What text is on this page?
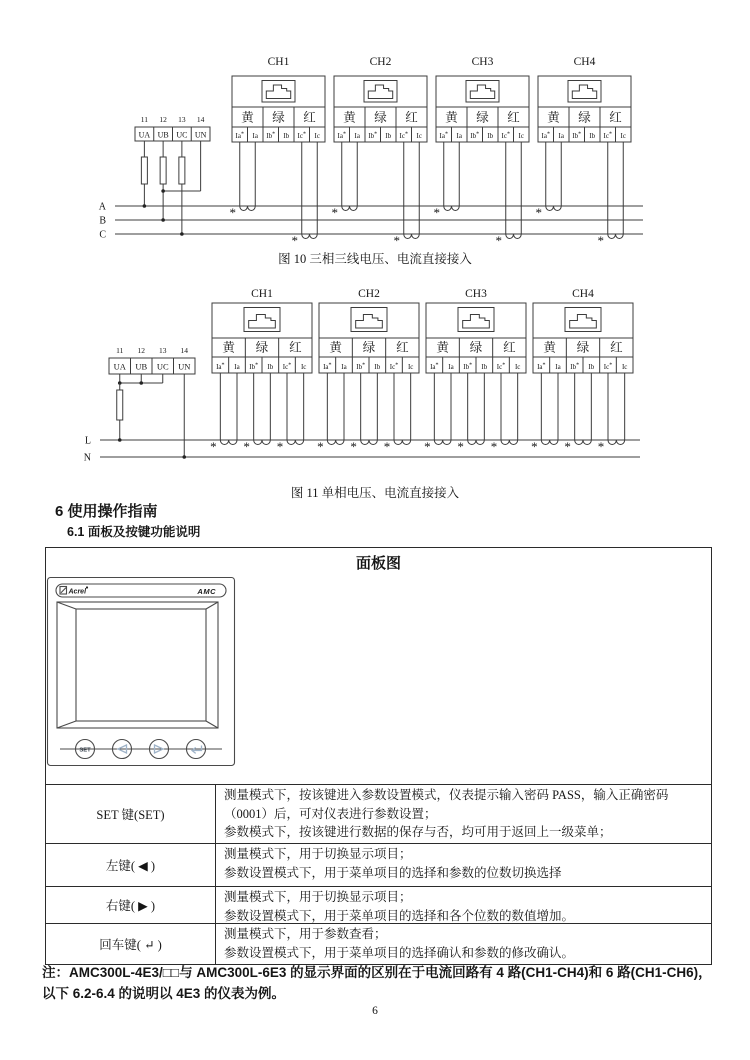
A
B
C
11 12 13 14
UA UB UC UN
CH1
黄 绿 红
Ia* Ia Ib* Ib Ic* Ic
*
*
CH2
黄 绿 红
Ia* Ia Ib* Ib Ic* Ic
*
*
CH3
黄 绿 红
Ia* Ia Ib* Ib Ic* Ic
*
*
CH4
黄 绿 红
Ia* Ia Ib* Ib Ic* Ic
*
*
图 10 三相三线电压、电流直接接入
L
N
11 12 13 14
UA UB UC UN
CH1
黄 绿 红
Ia* Ia Ib* Ib Ic* Ic
* * *
CH2
黄 绿 红
Ia* Ia Ib* Ib Ic* Ic
* * *
CH3
黄 绿 红
Ia* Ia Ib* Ib Ic* Ic
* * *
CH4
黄 绿 红
Ia* Ia Ib* Ib Ic* Ic
* * *
图 11 单相电压、电流直接接入
6 使用操作指南
6.1 面板及按键功能说明
面板图
Acrel	AMC
SET
SET 键(SET)
测量模式下，按该键进入参数设置模式，仪表提示输入密码 PASS，输入正确密码
（0001）后，可对仪表进行参数设置；
参数模式下，按该键进行数据的保存与否，均可用于返回上一级菜单；
左键( ◀ )
测量模式下，用于切换显示项目；
参数设置模式下，用于菜单项目的选择和参数的位数切换选择
右键( ▶ )
测量模式下，用于切换显示项目；
参数设置模式下，用于菜单项目的选择和各个位数的数值增加。
回车键( ↵ )
测量模式下，用于参数查看；
参数设置模式下，用于菜单项目的选择确认和参数的修改确认。

注：AMC300L-4E3/□□与 AMC300L-6E3 的显示界面的区别在于电流回路有 4 路(CH1-CH4)和 6 路(CH1-CH6)，以下 6.2-6.4 的说明以 4E3 的仪表为例。

6
